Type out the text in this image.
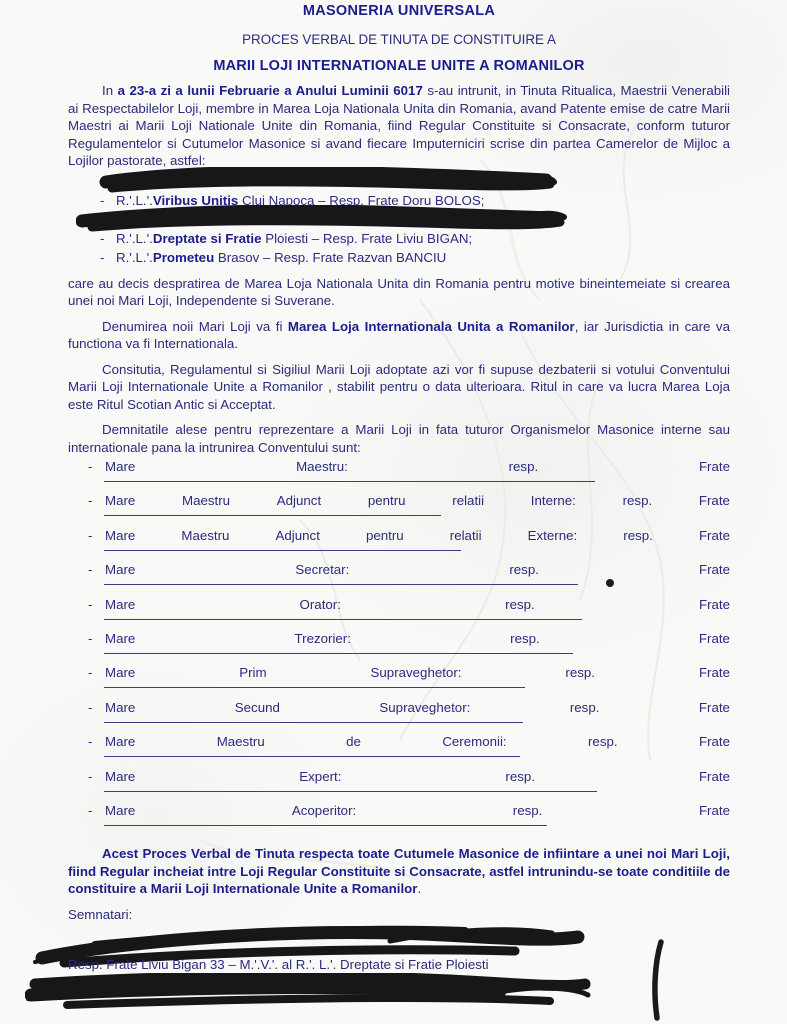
MASONERIA UNIVERSALA
PROCES VERBAL DE TINUTA DE CONSTITUIRE A
MARII LOJI INTERNATIONALE UNITE A ROMANILOR

In a 23-a zi a lunii Februarie a Anului Luminii 6017 s-au intrunit, in Tinuta Ritualica, Maestrii Venerabili ai Respectabilelor Loji, membre in Marea Loja Nationala Unita din Romania, avand Patente emise de catre Marii Maestri ai Marii Loji Nationale Unite din Romania, fiind Regular Constituite si Consacrate, conform tuturor Regulamentelor si Cutumelor Masonice si avand fiecare Imputerniciri scrise din partea Camerelor de Mijloc a Lojilor pastorate, astfel:

- R.'.L.'.Viribus Unitis Cluj Napoca – Resp. Frate Doru BOLOS;
- R.'.L.'.Dreptate si Fratie Ploiesti – Resp. Frate Liviu BIGAN;
- R.'.L.'.Prometeu Brasov – Resp. Frate Razvan BANCIU

care au decis despratirea de Marea Loja Nationala Unita din Romania pentru motive bineintemeiate si crearea unei noi Mari Loji, Independente si Suverane.

Denumirea noii Mari Loji va fi Marea Loja Internationala Unita a Romanilor, iar Jurisdictia in care va functiona va fi Internationala.

Consitutia, Regulamentul si Sigiliul Marii Loji adoptate azi vor fi supuse dezbaterii si votului Conventului Marii Loji Internationale Unite a Romanilor , stabilit pentru o data ulterioara. Ritul in care va lucra Marea Loja este Ritul Scotian Antic si Acceptat.

Demnitatile alese pentru reprezentare a Marii Loji in fata tuturor Organismelor Masonice interne sau internationale pana la intrunirea Conventului sunt:

- Mare	Maestru:	resp.	Frate
- Mare	Maestru	Adjunct	pentru	relatii	Interne:	resp.	Frate
- Mare	Maestru	Adjunct	pentru	relatii	Externe:	resp.	Frate
- Mare	Secretar:	resp.	Frate
- Mare	Orator:	resp.	Frate
- Mare	Trezorier:	resp.	Frate
- Mare	Prim	Supraveghetor:	resp.	Frate
- Mare	Secund	Supraveghetor:	resp.	Frate
- Mare	Maestru	de	Ceremonii:	resp.	Frate
- Mare	Expert:	resp.	Frate
- Mare	Acoperitor:	resp.	Frate

Acest Proces Verbal de Tinuta respecta toate Cutumele Masonice de infiintare a unei noi Mari Loji, fiind Regular incheiat intre Loji Regular Constituite si Consacrate, astfel intrunindu-se toate conditiile de constituire a Marii Loji Internationale Unite a Romanilor.

Semnatari:

Resp. Frate Liviu Bigan 33 – M.'.V.'. al R.'. L.'. Dreptate si Fratie Ploiesti
